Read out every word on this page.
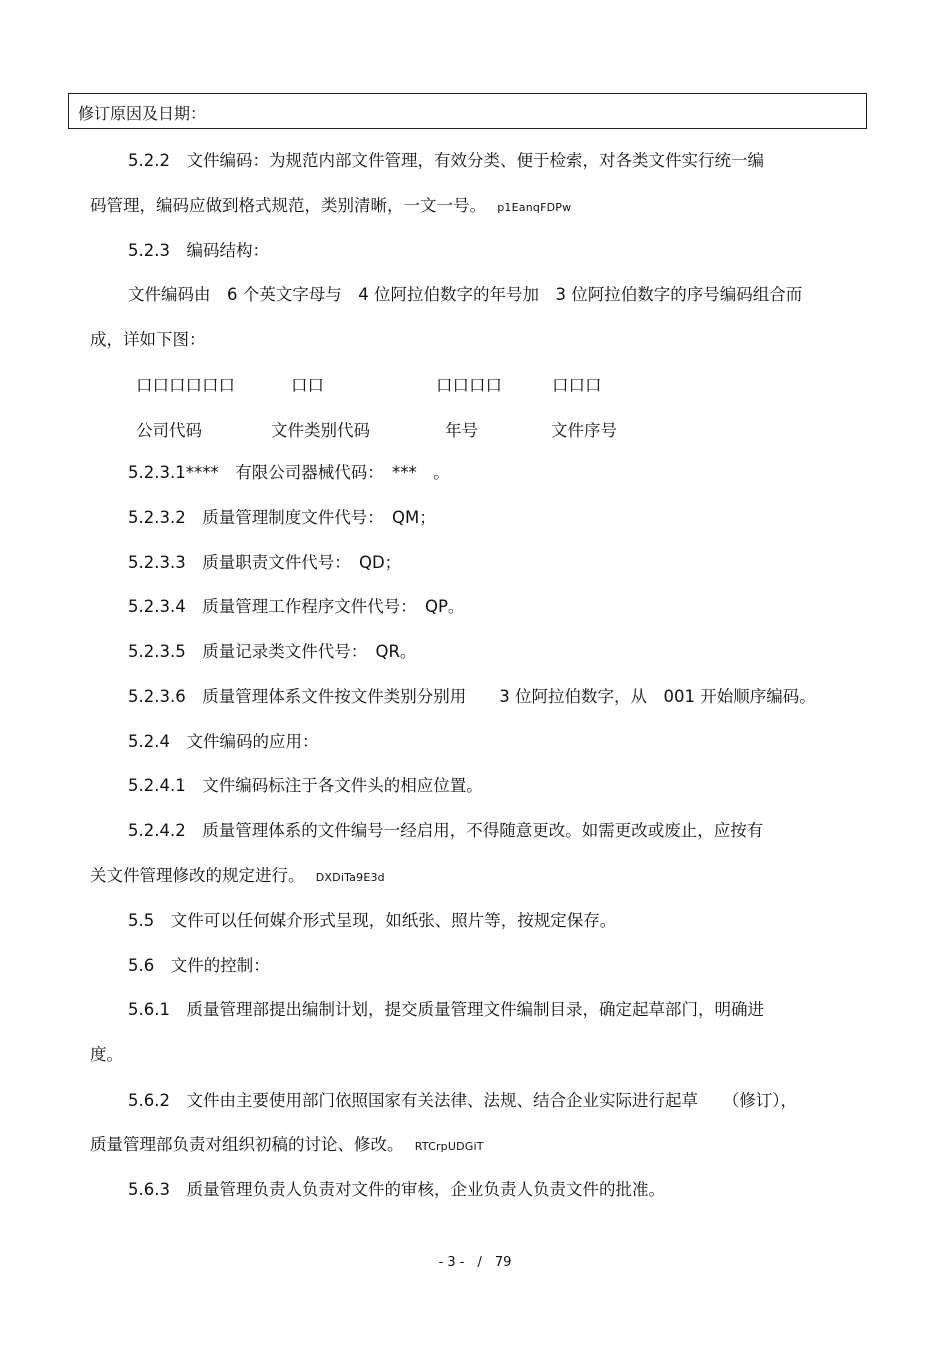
修订原因及日期：
5.2.2　文件编码：为规范内部文件管理，有效分类、便于检索，对各类文件实行统一编
码管理，编码应做到格式规范，类别清晰，一文一号。 p1EanqFDPw
5.2.3　编码结构：
文件编码由　6 个英文字母与　4 位阿拉伯数字的年号加　3 位阿拉伯数字的序号编码组合而
成，详如下图：
口口口口口口	口口	口口口口	口口口
公司代码	文件类别代码	年号	文件序号
5.2.3.1****　有限公司器械代码：　***　。
5.2.3.2　质量管理制度文件代号：　QM；
5.2.3.3　质量职责文件代号：　QD；
5.2.3.4　质量管理工作程序文件代号：　QP。
5.2.3.5　质量记录类文件代号：　QR。
5.2.3.6　质量管理体系文件按文件类别分别用　　3 位阿拉伯数字，从　001 开始顺序编码。
5.2.4　文件编码的应用：
5.2.4.1　文件编码标注于各文件头的相应位置。
5.2.4.2　质量管理体系的文件编号一经启用，不得随意更改。如需更改或废止，应按有
关文件管理修改的规定进行。 DXDiTa9E3d
5.5　文件可以任何媒介形式呈现，如纸张、照片等，按规定保存。
5.6　文件的控制：
5.6.1　质量管理部提出编制计划，提交质量管理文件编制目录，确定起草部门，明确进
度。
5.6.2　文件由主要使用部门依照国家有关法律、法规、结合企业实际进行起草　　（修订），
质量管理部负责对组织初稿的讨论、修改。 RTCrpUDGiT
5.6.3　质量管理负责人负责对文件的审核，企业负责人负责文件的批准。
- 3 -　/　79
